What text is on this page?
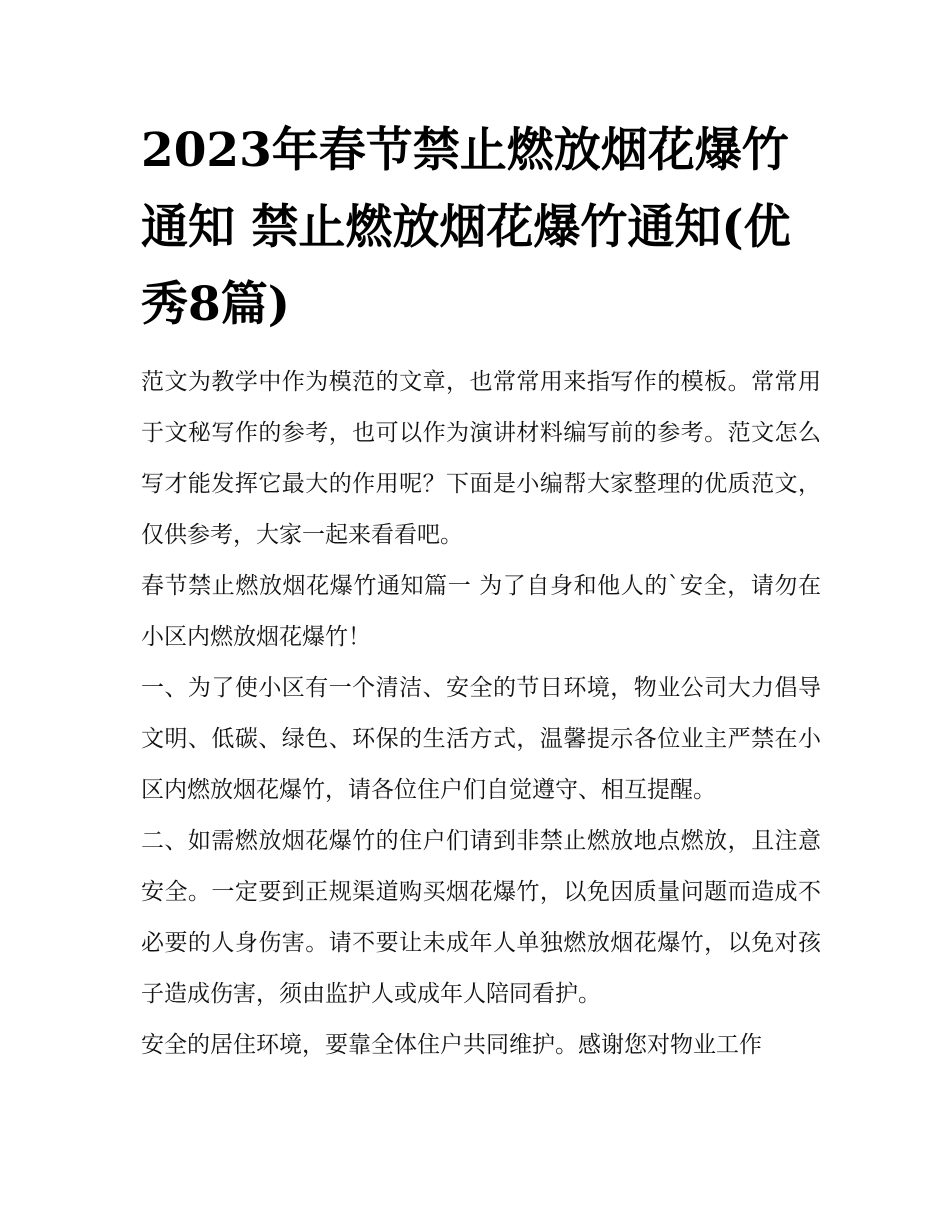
2023年春节禁止燃放烟花爆竹通知 禁止燃放烟花爆竹通知(优秀8篇)

范文为教学中作为模范的文章，也常常用来指写作的模板。常常用于文秘写作的参考，也可以作为演讲材料编写前的参考。范文怎么写才能发挥它最大的作用呢？下面是小编帮大家整理的优质范文，仅供参考，大家一起来看看吧。

春节禁止燃放烟花爆竹通知篇一 为了自身和他人的`安全，请勿在小区内燃放烟花爆竹！

一、为了使小区有一个清洁、安全的节日环境，物业公司大力倡导文明、低碳、绿色、环保的生活方式，温馨提示各位业主严禁在小区内燃放烟花爆竹，请各位住户们自觉遵守、相互提醒。

二、如需燃放烟花爆竹的住户们请到非禁止燃放地点燃放，且注意安全。一定要到正规渠道购买烟花爆竹，以免因质量问题而造成不必要的人身伤害。请不要让未成年人单独燃放烟花爆竹，以免对孩子造成伤害，须由监护人或成年人陪同看护。

安全的居住环境，要靠全体住户共同维护。感谢您对物业工作
